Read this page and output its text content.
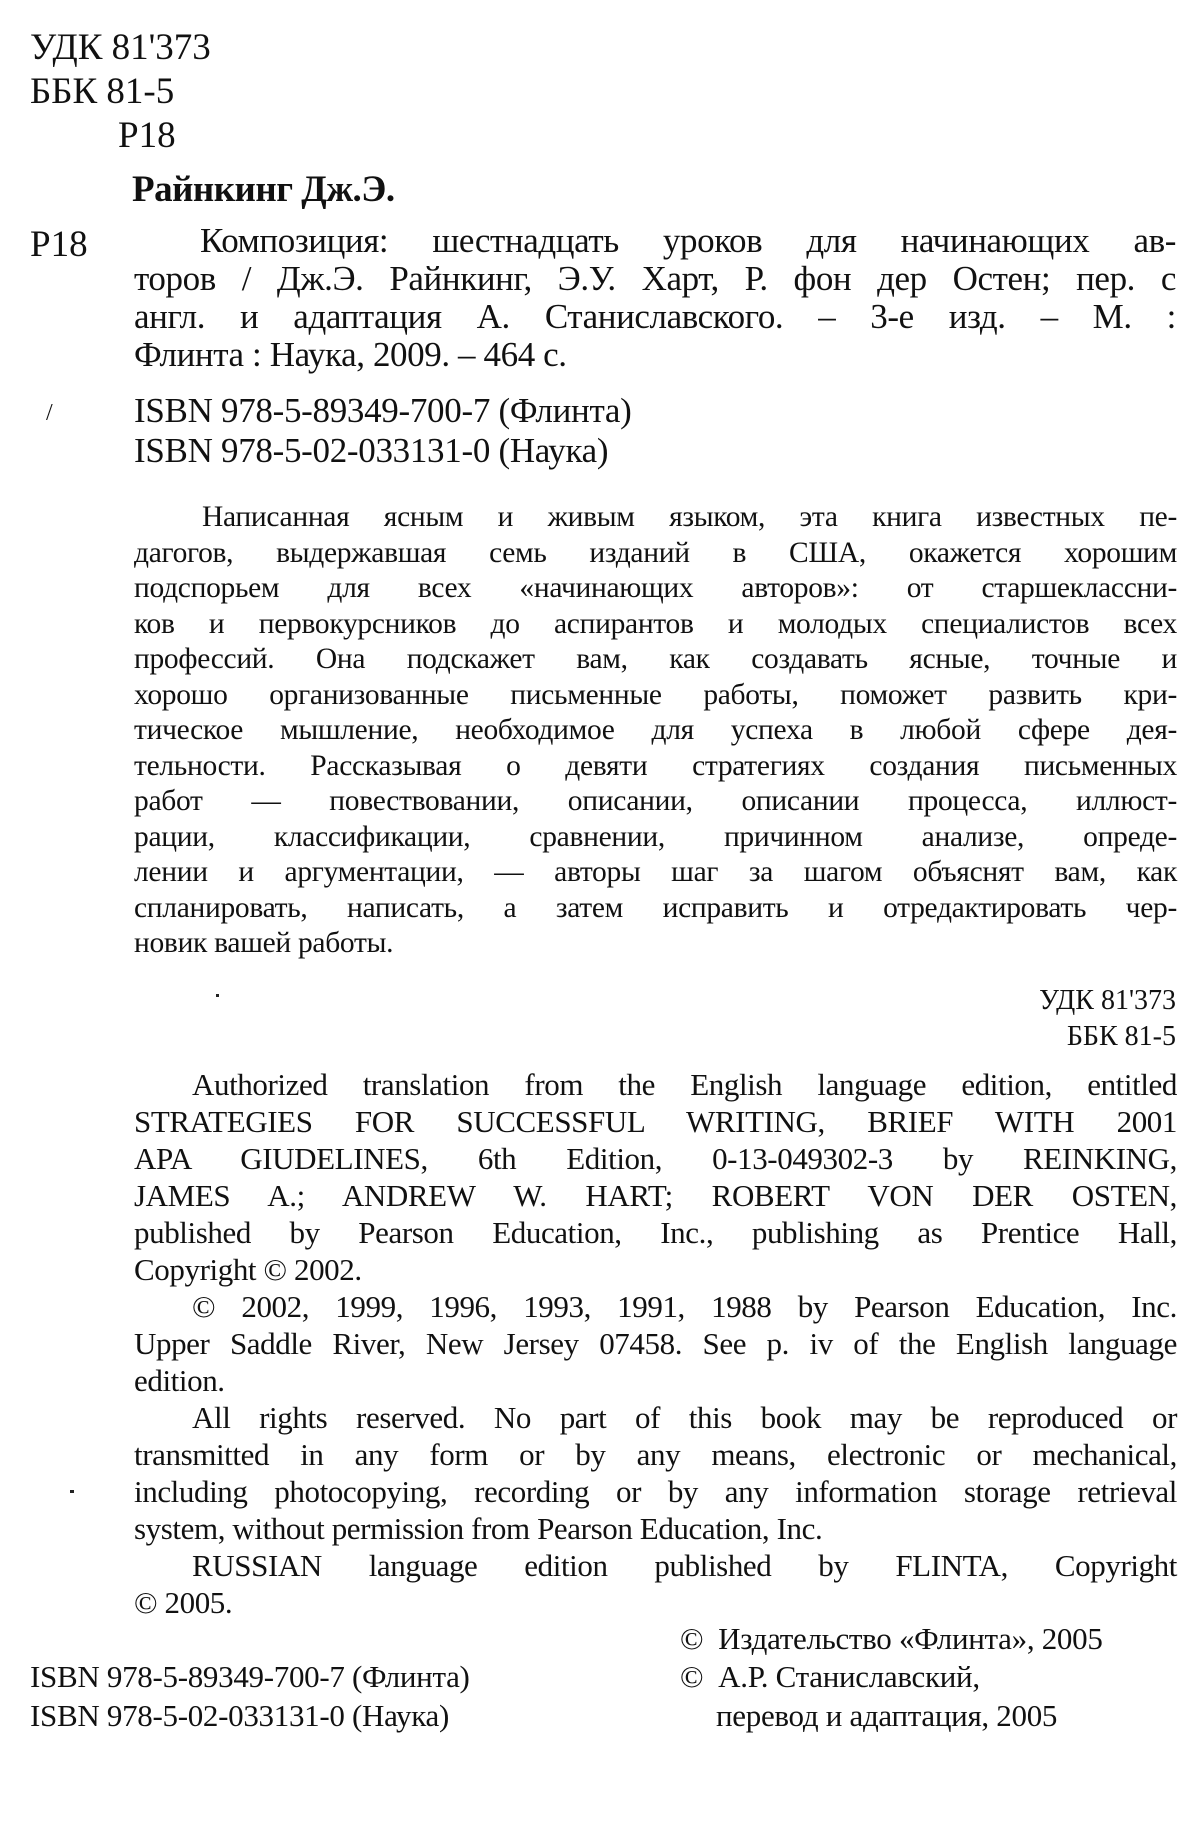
УДК 81'373
ББК 81-5
Р18
Райнкинг Дж.Э.
Р18	Композиция: шестнадцать уроков для начинающих ав-
торов / Дж.Э. Райнкинг, Э.У. Харт, Р. фон дер Остен; пер. с
англ. и адаптация А. Станиславского. – 3-е изд. – М. :
Флинта : Наука, 2009. – 464 с.
/ ISBN 978-5-89349-700-7 (Флинта)
ISBN 978-5-02-033131-0 (Наука)
Написанная ясным и живым языком, эта книга известных пе-
дагогов, выдержавшая семь изданий в США, окажется хорошим
подспорьем для всех «начинающих авторов»: от старшеклассни-
ков и первокурсников до аспирантов и молодых специалистов всех
профессий. Она подскажет вам, как создавать ясные, точные и
хорошо организованные письменные работы, поможет развить кри-
тическое мышление, необходимое для успеха в любой сфере дея-
тельности. Рассказывая о девяти стратегиях создания письменных
работ — повествовании, описании, описании процесса, иллюст-
рации, классификации, сравнении, причинном анализе, опреде-
лении и аргументации, — авторы шаг за шагом объяснят вам, как
спланировать, написать, а затем исправить и отредактировать чер-
новик вашей работы.
УДК 81'373
ББК 81-5
Authorized translation from the English language edition, entitled
STRATEGIES FOR SUCCESSFUL WRITING, BRIEF WITH 2001
APA GIUDELINES, 6th Edition, 0-13-049302-3 by REINKING,
JAMES A.; ANDREW W. HART; ROBERT VON DER OSTEN,
published by Pearson Education, Inc., publishing as Prentice Hall,
Copyright © 2002.
© 2002, 1999, 1996, 1993, 1991, 1988 by Pearson Education, Inc.
Upper Saddle River, New Jersey 07458. See p. iv of the English language
edition.
All rights reserved. No part of this book may be reproduced or
transmitted in any form or by any means, electronic or mechanical,
including photocopying, recording or by any information storage retrieval
system, without permission from Pearson Education, Inc.
RUSSIAN language edition published by FLINTA, Copyright
© 2005.
ISBN 978-5-89349-700-7 (Флинта)
ISBN 978-5-02-033131-0 (Наука)
©  Издательство «Флинта», 2005
©  А.Р. Станиславский,
перевод и адаптация, 2005
